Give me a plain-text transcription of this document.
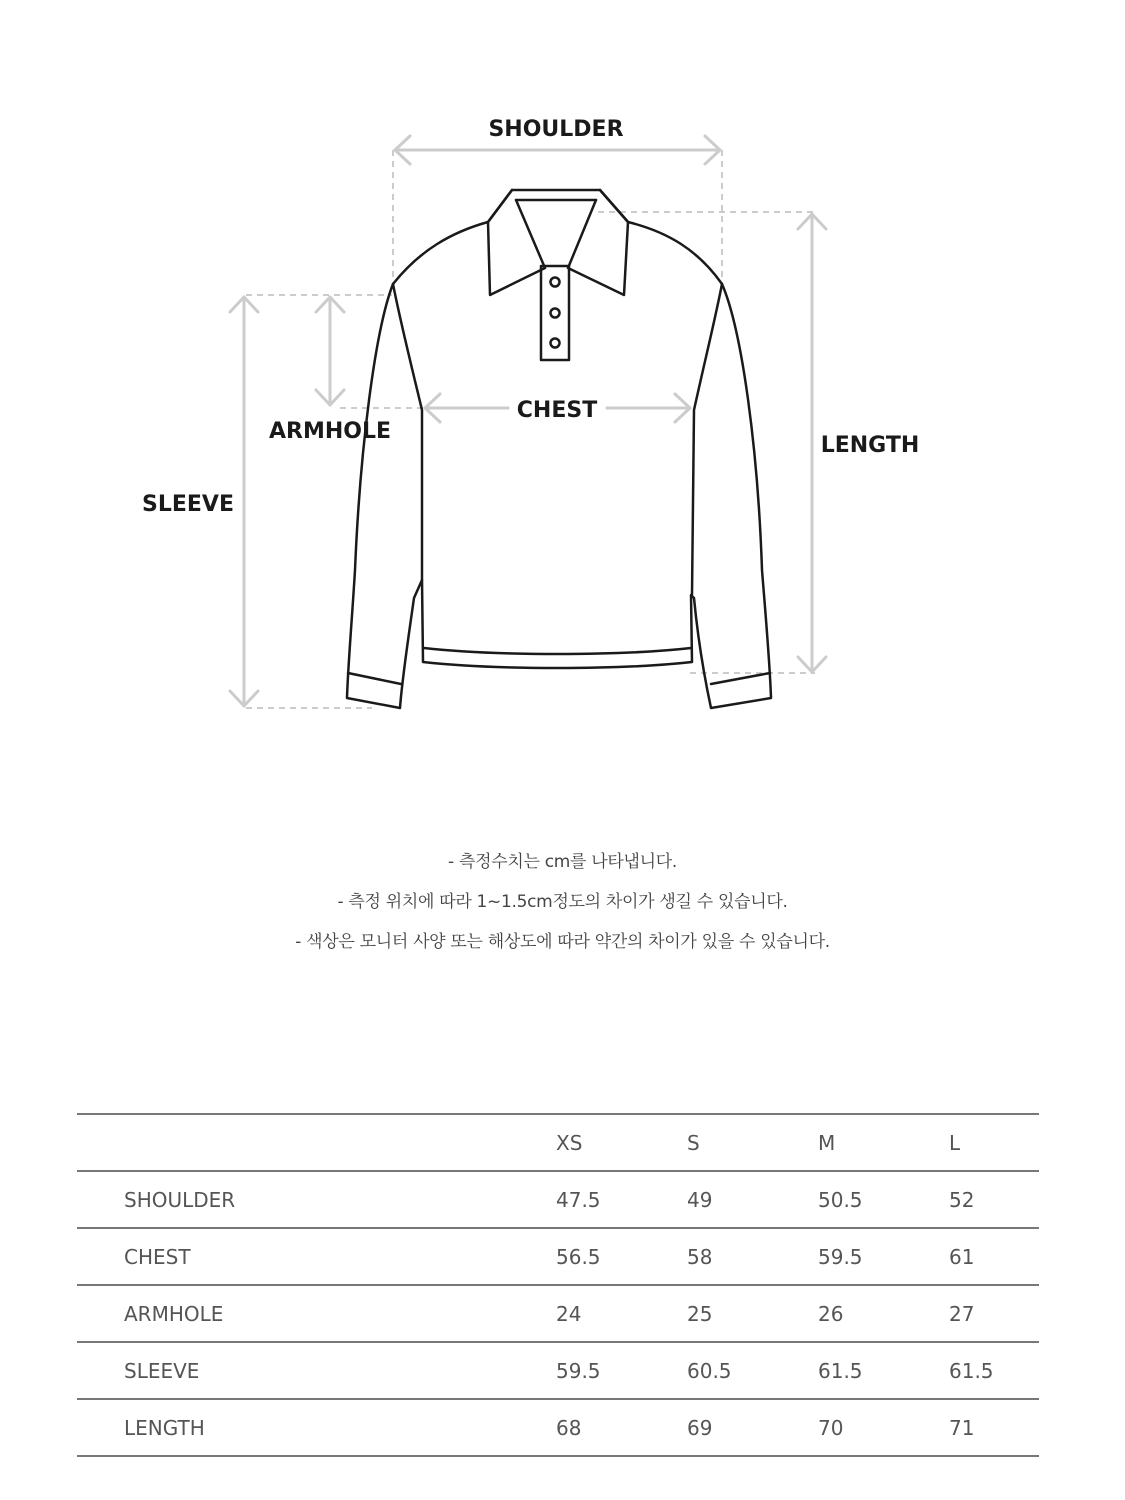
SHOULDER
CHEST
ARMHOLE
SLEEVE
LENGTH
- 측정수치는 cm를 나타냅니다.
- 측정 위치에 따라 1~1.5cm정도의 차이가 생길 수 있습니다.
- 색상은 모니터 사양 또는 해상도에 따라 약간의 차이가 있을 수 있습니다.
	XS	S	M	L
SHOULDER	47.5	49	50.5	52
CHEST	56.5	58	59.5	61
ARMHOLE	24	25	26	27
SLEEVE	59.5	60.5	61.5	61.5
LENGTH	68	69	70	71
